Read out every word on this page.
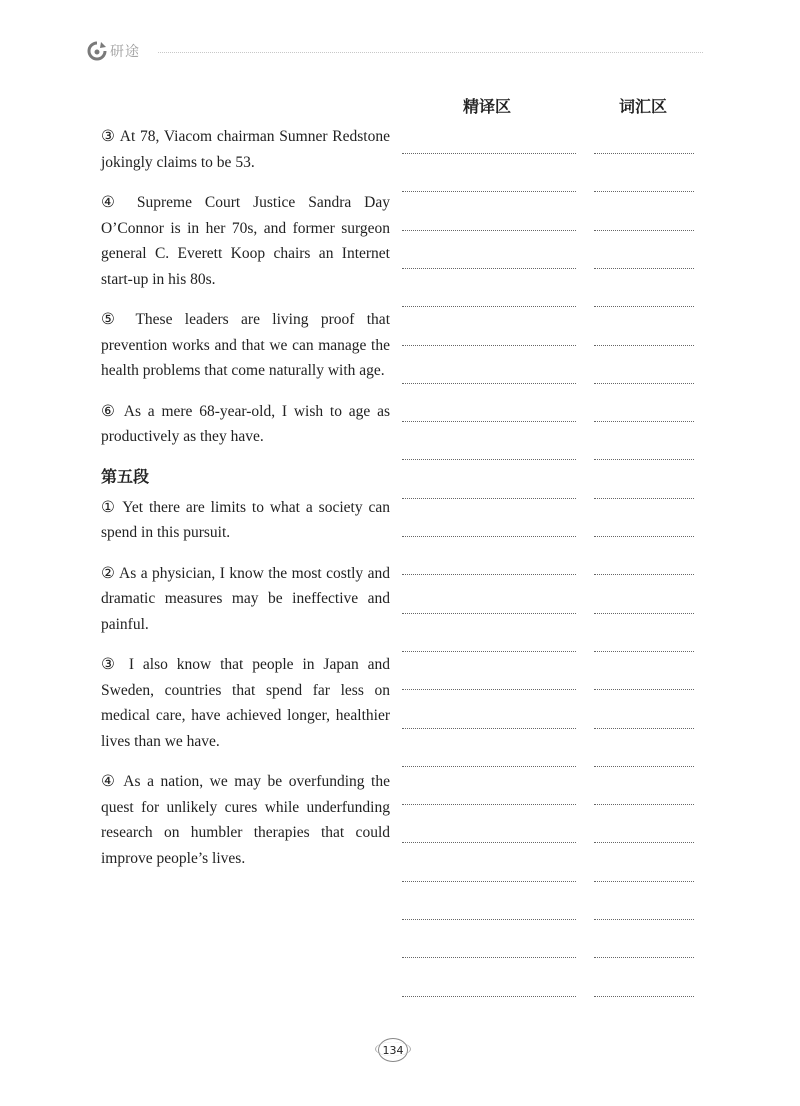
研途
精译区	词汇区

③ At 78, Viacom chairman Sumner Redstone jokingly claims to be 53.

④ Supreme Court Justice Sandra Day O’Connor is in her 70s, and former surgeon general C. Everett Koop chairs an Internet start-up in his 80s.

⑤ These leaders are living proof that prevention works and that we can manage the health problems that come naturally with age.

⑥ As a mere 68-year-old, I wish to age as productively as they have.

第五段

① Yet there are limits to what a society can spend in this pursuit.

② As a physician, I know the most costly and dramatic measures may be ineffective and painful.

③ I also know that people in Japan and Sweden, countries that spend far less on medical care, have achieved longer, healthier lives than we have.

④ As a nation, we may be overfunding the quest for unlikely cures while underfunding research on humbler therapies that could improve people’s lives.

134
